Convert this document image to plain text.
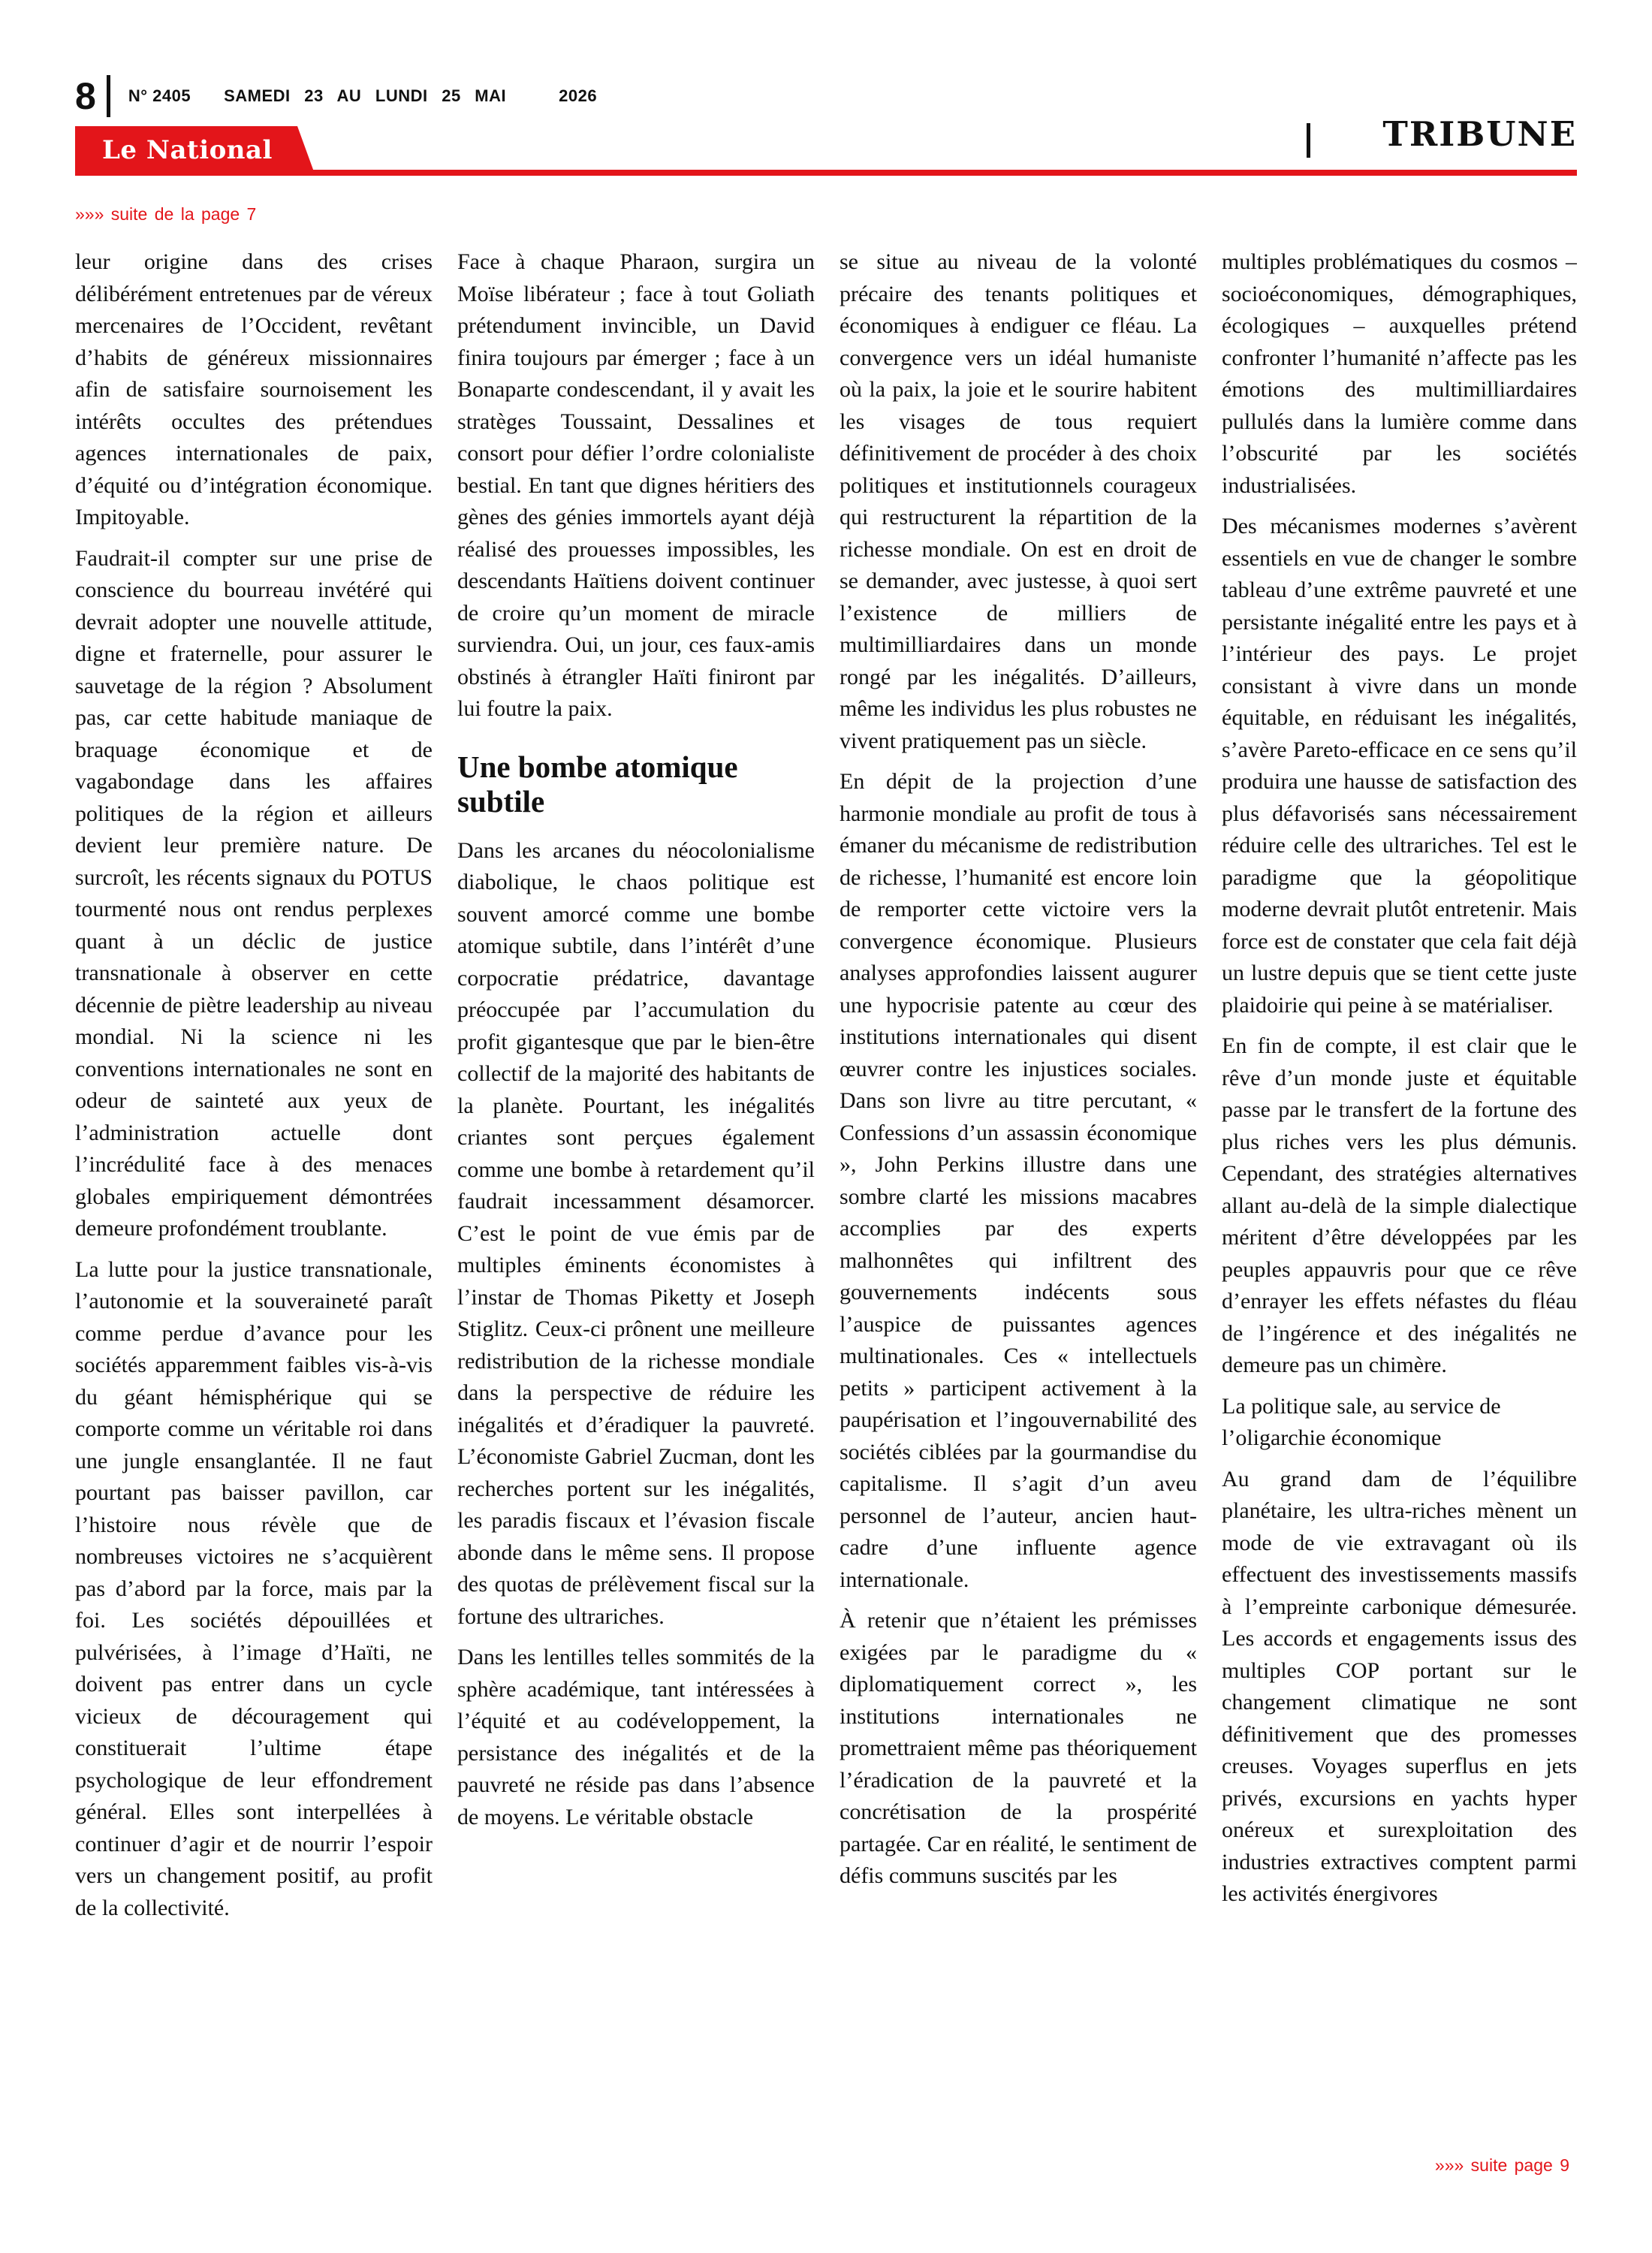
8 N° 2405 SAMEDI 23 AU LUNDI 25 MAI	2026
Le National	TRIBUNE
»»» suite de la page 7

leur origine dans des crises délibérément entretenues par de véreux mercenaires de l’Occident, revêtant d’habits de généreux missionnaires afin de satisfaire sournoisement les intérêts occultes des prétendues agences internationales de paix, d’équité ou d’intégration économique. Impitoyable.

Faudrait-il compter sur une prise de conscience du bourreau invétéré qui devrait adopter une nouvelle attitude, digne et fraternelle, pour assurer le sauvetage de la région ? Absolument pas, car cette habitude maniaque de braquage économique et de vagabondage dans les affaires politiques de la région et ailleurs devient leur première nature. De surcroît, les récents signaux du POTUS tourmenté nous ont rendus perplexes quant à un déclic de justice transnationale à observer en cette décennie de piètre leadership au niveau mondial. Ni la science ni les conventions internationales ne sont en odeur de sainteté aux yeux de l’administration actuelle dont l’incrédulité face à des menaces globales empiriquement démontrées demeure profondément troublante.

La lutte pour la justice transnationale, l’autonomie et la souveraineté paraît comme perdue d’avance pour les sociétés apparemment faibles vis-à-vis du géant hémisphérique qui se comporte comme un véritable roi dans une jungle ensanglantée. Il ne faut pourtant pas baisser pavillon, car l’histoire nous révèle que de nombreuses victoires ne s’acquièrent pas d’abord par la force, mais par la foi. Les sociétés dépouillées et pulvérisées, à l’image d’Haïti, ne doivent pas entrer dans un cycle vicieux de découragement qui constituerait l’ultime étape psychologique de leur effondrement général. Elles sont interpellées à continuer d’agir et de nourrir l’espoir vers un changement positif, au profit de la collectivité.

Face à chaque Pharaon, surgira un Moïse libérateur ; face à tout Goliath prétendument invincible, un David finira toujours par émerger ; face à un Bonaparte condescendant, il y avait les stratèges Toussaint, Dessalines et consort pour défier l’ordre colonialiste bestial. En tant que dignes héritiers des gènes des génies immortels ayant déjà réalisé des prouesses impossibles, les descendants Haïtiens doivent continuer de croire qu’un moment de miracle surviendra. Oui, un jour, ces faux-amis obstinés à étrangler Haïti finiront par lui foutre la paix.

Une bombe atomique subtile

Dans les arcanes du néocolonialisme diabolique, le chaos politique est souvent amorcé comme une bombe atomique subtile, dans l’intérêt d’une corpocratie prédatrice, davantage préoccupée par l’accumulation du profit gigantesque que par le bien-être collectif de la majorité des habitants de la planète. Pourtant, les inégalités criantes sont perçues également comme une bombe à retardement qu’il faudrait incessamment désamorcer. C’est le point de vue émis par de multiples éminents économistes à l’instar de Thomas Piketty et Joseph Stiglitz. Ceux-ci prônent une meilleure redistribution de la richesse mondiale dans la perspective de réduire les inégalités et d’éradiquer la pauvreté. L’économiste Gabriel Zucman, dont les recherches portent sur les inégalités, les paradis fiscaux et l’évasion fiscale abonde dans le même sens. Il propose des quotas de prélèvement fiscal sur la fortune des ultrariches.

Dans les lentilles telles sommités de la sphère académique, tant intéressées à l’équité et au codéveloppement, la persistance des inégalités et de la pauvreté ne réside pas dans l’absence de moyens. Le véritable obstacle

se situe au niveau de la volonté précaire des tenants politiques et économiques à endiguer ce fléau. La convergence vers un idéal humaniste où la paix, la joie et le sourire habitent les visages de tous requiert définitivement de procéder à des choix politiques et institutionnels courageux qui restructurent la répartition de la richesse mondiale. On est en droit de se demander, avec justesse, à quoi sert l’existence de milliers de multimilliardaires dans un monde rongé par les inégalités. D’ailleurs, même les individus les plus robustes ne vivent pratiquement pas un siècle.

En dépit de la projection d’une harmonie mondiale au profit de tous à émaner du mécanisme de redistribution de richesse, l’humanité est encore loin de remporter cette victoire vers la convergence économique. Plusieurs analyses approfondies laissent augurer une hypocrisie patente au cœur des institutions internationales qui disent œuvrer contre les injustices sociales. Dans son livre au titre percutant, « Confessions d’un assassin économique », John Perkins illustre dans une sombre clarté les missions macabres accomplies par des experts malhonnêtes qui infiltrent des gouvernements indécents sous l’auspice de puissantes agences multinationales. Ces « intellectuels petits » participent activement à la paupérisation et l’ingouvernabilité des sociétés ciblées par la gourmandise du capitalisme. Il s’agit d’un aveu personnel de l’auteur, ancien haut-cadre d’une influente agence internationale.

À retenir que n’étaient les prémisses exigées par le paradigme du « diplomatiquement correct », les institutions internationales ne promettraient même pas théoriquement l’éradication de la pauvreté et la concrétisation de la prospérité partagée. Car en réalité, le sentiment de défis communs suscités par les

multiples problématiques du cosmos – socioéconomiques, démographiques, écologiques – auxquelles prétend confronter l’humanité n’affecte pas les émotions des multimilliardaires pullulés dans la lumière comme dans l’obscurité par les sociétés industrialisées.

Des mécanismes modernes s’avèrent essentiels en vue de changer le sombre tableau d’une extrême pauvreté et une persistante inégalité entre les pays et à l’intérieur des pays. Le projet consistant à vivre dans un monde équitable, en réduisant les inégalités, s’avère Pareto-efficace en ce sens qu’il produira une hausse de satisfaction des plus défavorisés sans nécessairement réduire celle des ultrariches. Tel est le paradigme que la géopolitique moderne devrait plutôt entretenir. Mais force est de constater que cela fait déjà un lustre depuis que se tient cette juste plaidoirie qui peine à se matérialiser.

En fin de compte, il est clair que le rêve d’un monde juste et équitable passe par le transfert de la fortune des plus riches vers les plus démunis. Cependant, des stratégies alternatives allant au-delà de la simple dialectique méritent d’être développées par les peuples appauvris pour que ce rêve d’enrayer les effets néfastes du fléau de l’ingérence et des inégalités ne demeure pas un chimère.

La politique sale, au service de l’oligarchie économique

Au grand dam de l’équilibre planétaire, les ultra-riches mènent un mode de vie extravagant où ils effectuent des investissements massifs à l’empreinte carbonique démesurée. Les accords et engagements issus des multiples COP portant sur le changement climatique ne sont définitivement que des promesses creuses. Voyages superflus en jets privés, excursions en yachts hyper onéreux et surexploitation des industries extractives comptent parmi les activités énergivores

»»» suite page 9
